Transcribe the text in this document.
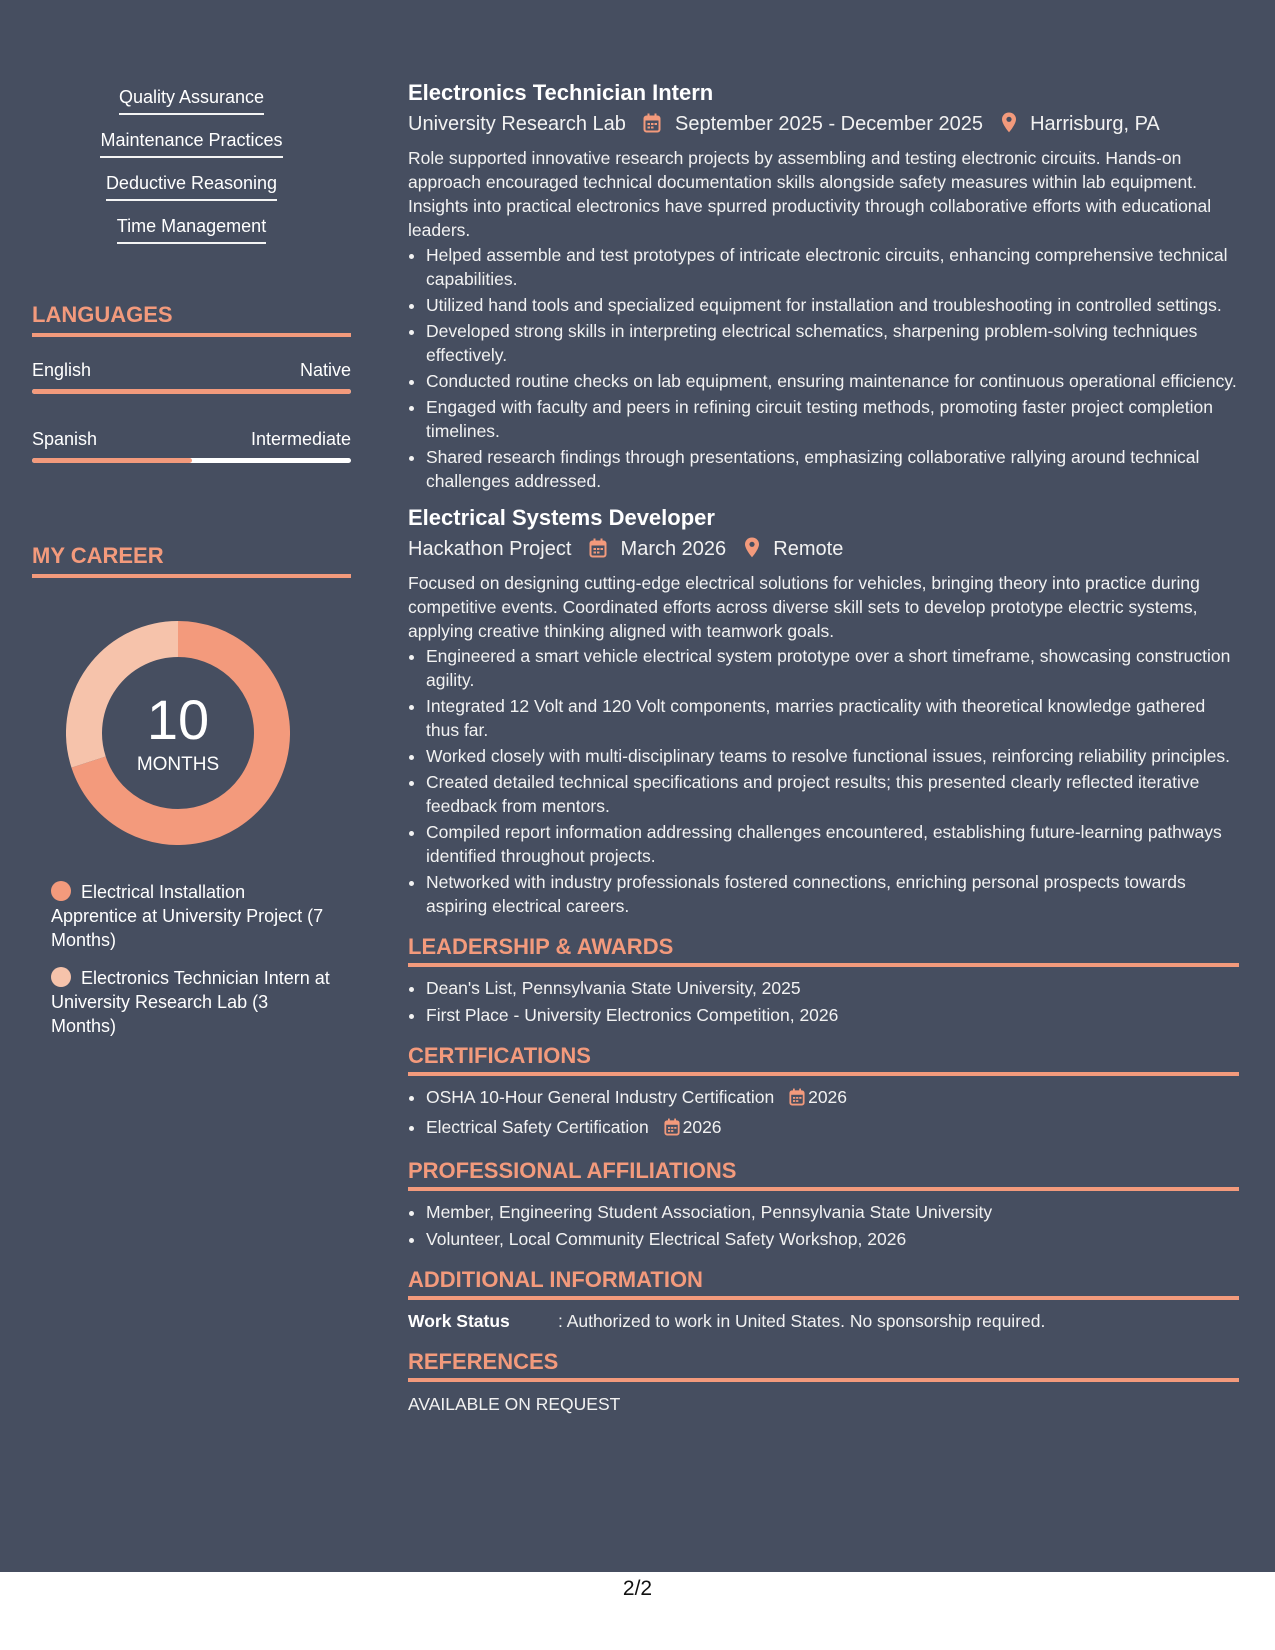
Quality Assurance
Maintenance Practices
Deductive Reasoning
Time Management
LANGUAGES
English	Native
Spanish	Intermediate
MY CAREER
10
MONTHS
Electrical Installation Apprentice at University Project (7 Months)
Electronics Technician Intern at University Research Lab (3 Months)
Electronics Technician Intern
University Research Lab September 2025 - December 2025 Harrisburg, PA
Role supported innovative research projects by assembling and testing electronic circuits. Hands-on approach encouraged technical documentation skills alongside safety measures within lab equipment. Insights into practical electronics have spurred productivity through collaborative efforts with educational leaders.
• Helped assemble and test prototypes of intricate electronic circuits, enhancing comprehensive technical capabilities.
• Utilized hand tools and specialized equipment for installation and troubleshooting in controlled settings.
• Developed strong skills in interpreting electrical schematics, sharpening problem-solving techniques effectively.
• Conducted routine checks on lab equipment, ensuring maintenance for continuous operational efficiency.
• Engaged with faculty and peers in refining circuit testing methods, promoting faster project completion timelines.
• Shared research findings through presentations, emphasizing collaborative rallying around technical challenges addressed.
Electrical Systems Developer
Hackathon Project March 2026 Remote
Focused on designing cutting-edge electrical solutions for vehicles, bringing theory into practice during competitive events. Coordinated efforts across diverse skill sets to develop prototype electric systems, applying creative thinking aligned with teamwork goals.
• Engineered a smart vehicle electrical system prototype over a short timeframe, showcasing construction agility.
• Integrated 12 Volt and 120 Volt components, marries practicality with theoretical knowledge gathered thus far.
• Worked closely with multi-disciplinary teams to resolve functional issues, reinforcing reliability principles.
• Created detailed technical specifications and project results; this presented clearly reflected iterative feedback from mentors.
• Compiled report information addressing challenges encountered, establishing future-learning pathways identified throughout projects.
• Networked with industry professionals fostered connections, enriching personal prospects towards aspiring electrical careers.
LEADERSHIP & AWARDS
• Dean's List, Pennsylvania State University, 2025
• First Place - University Electronics Competition, 2026
CERTIFICATIONS
• OSHA 10-Hour General Industry Certification 2026
• Electrical Safety Certification 2026
PROFESSIONAL AFFILIATIONS
• Member, Engineering Student Association, Pennsylvania State University
• Volunteer, Local Community Electrical Safety Workshop, 2026
ADDITIONAL INFORMATION
Work Status	: Authorized to work in United States. No sponsorship required.
REFERENCES
AVAILABLE ON REQUEST
2/2
